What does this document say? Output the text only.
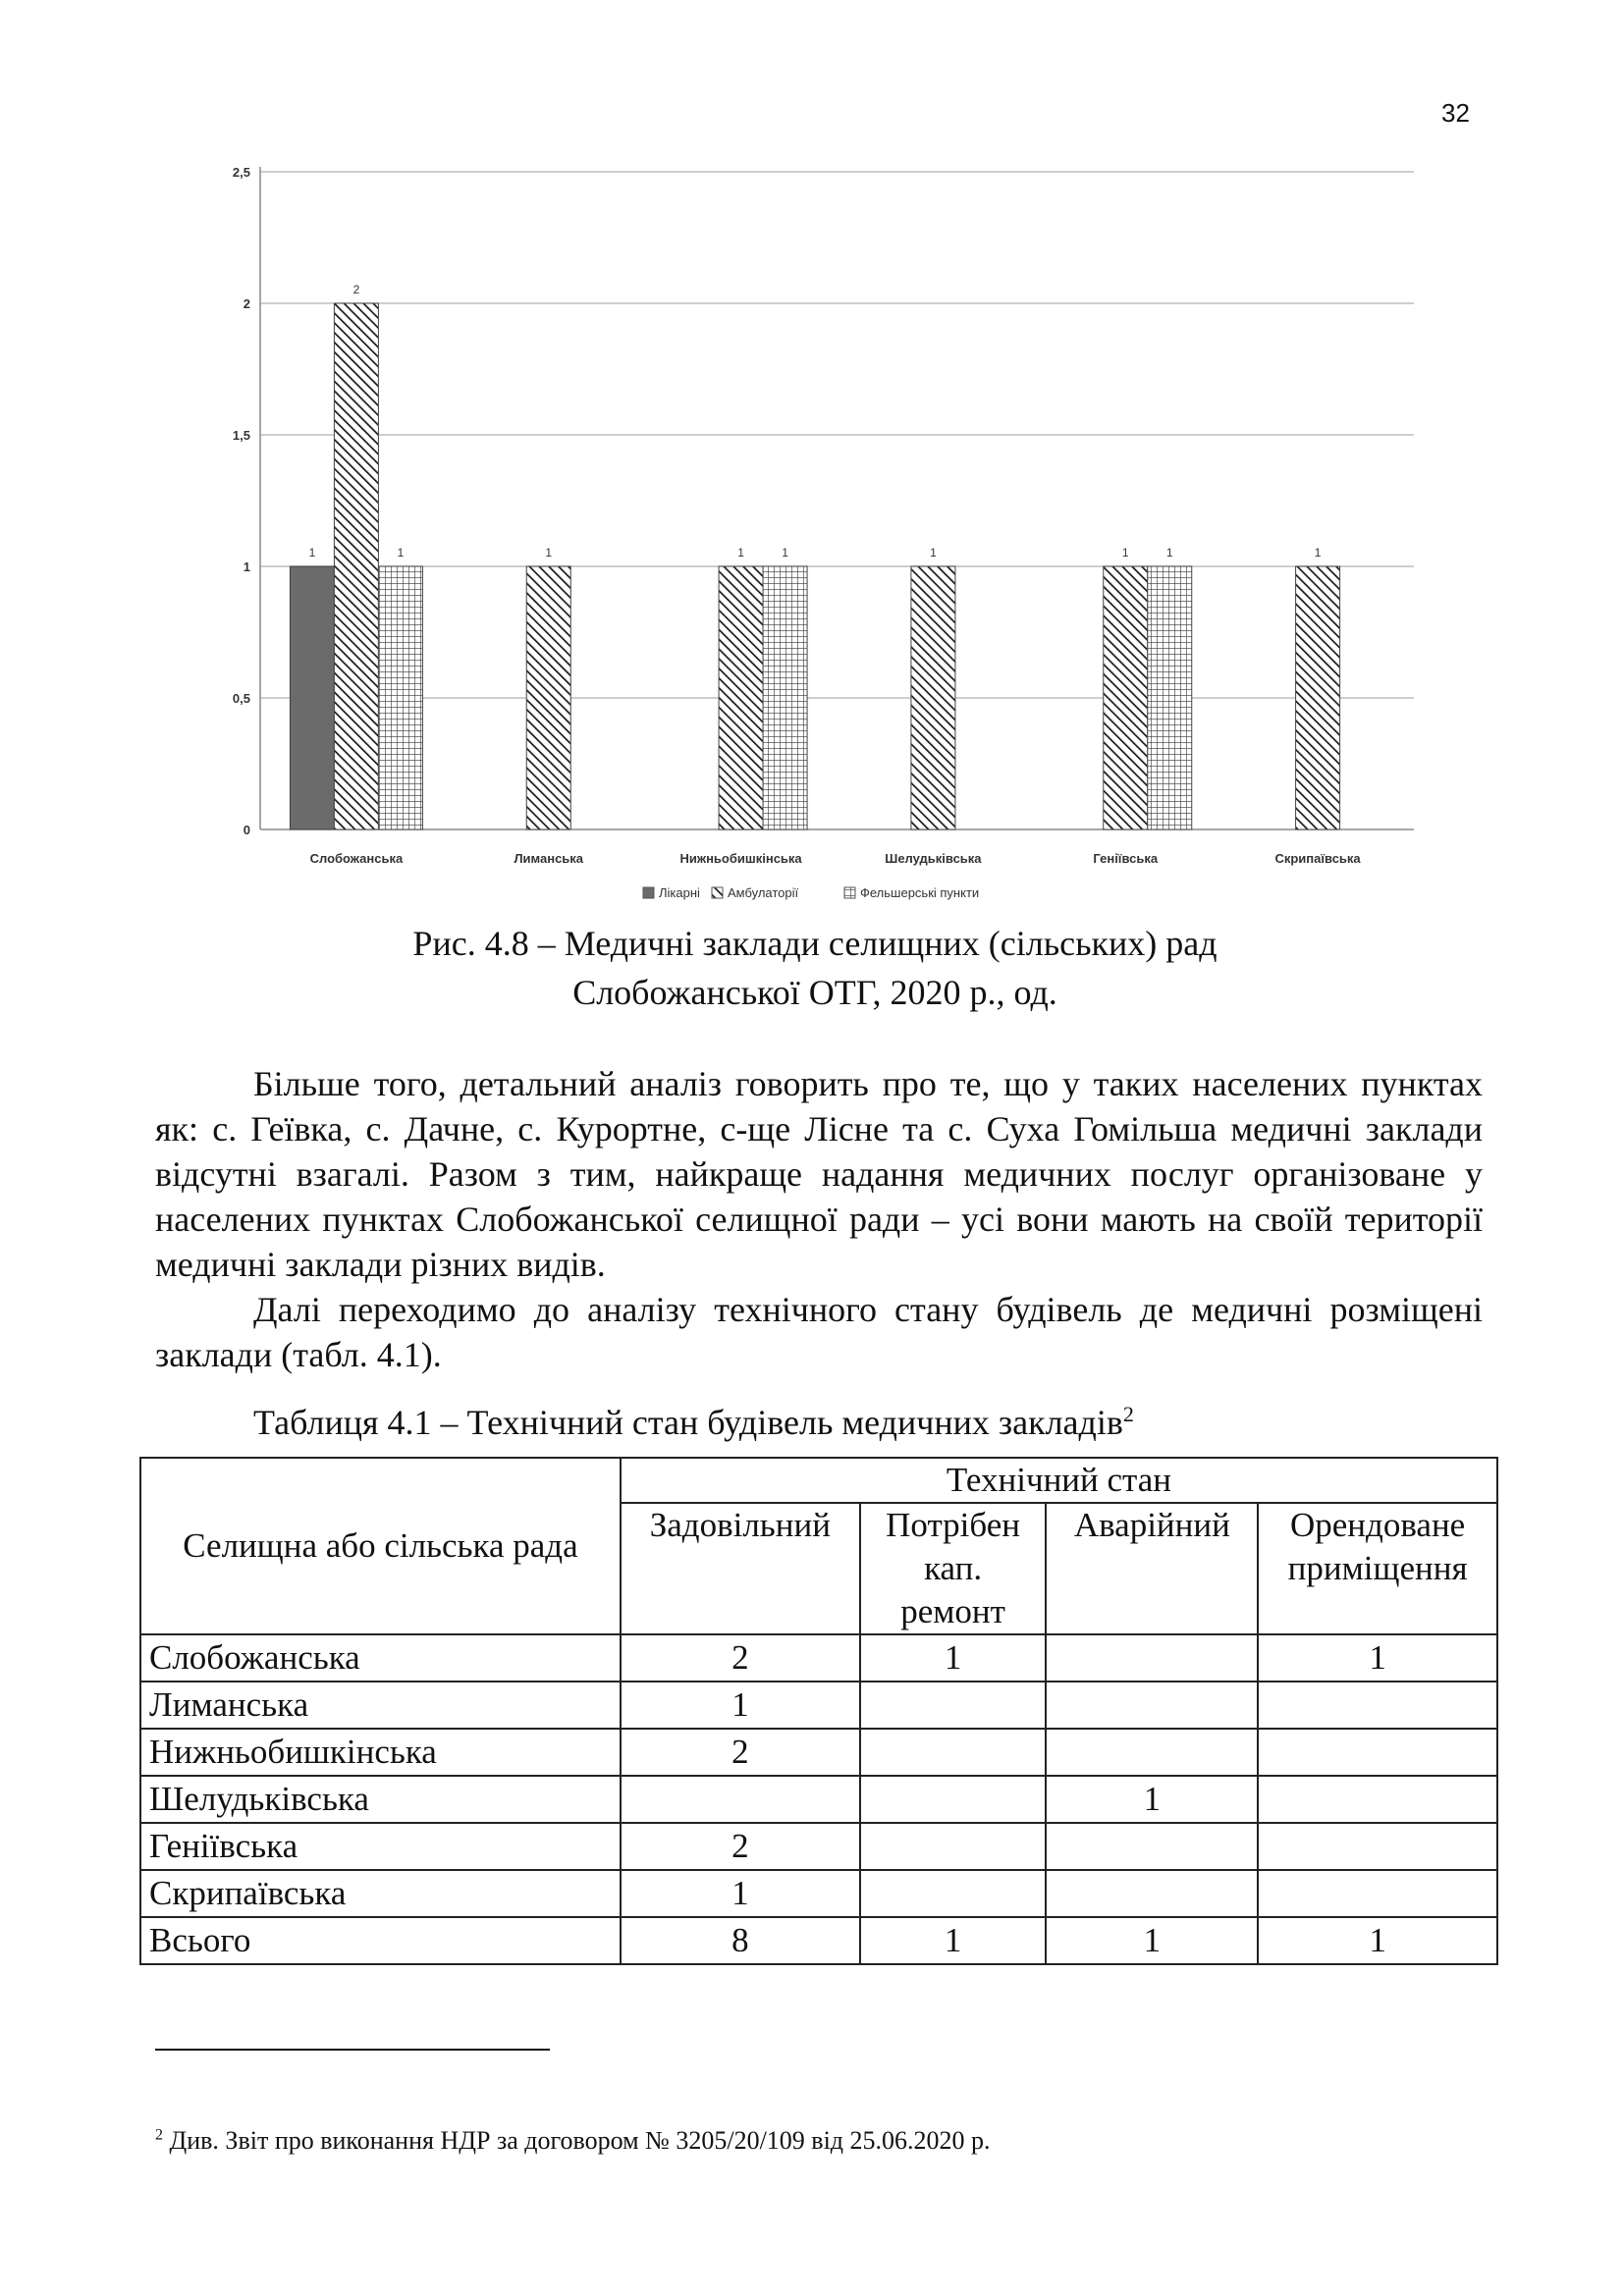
32
0
0,5
1
1,5
2
2,5
Слобожанська	Лиманська	Нижньобишкінська	Шелудьківська	Геніївська	Скрипаївська
1
2
1	1	1	1	1	1	1	1
Лікарні Амбулаторії	Фельшерські пункти
Рис. 4.8 – Медичні заклади селищних (сільських) рад
Слобожанської ОТГ, 2020 р., од.

Більше того, детальний аналіз говорить про те, що у таких населених пунктах як: с. Геївка, с. Дачне, с. Курортне, с-ще Лісне та с. Суха Гомільша медичні заклади відсутні взагалі. Разом з тим, найкраще надання медичних послуг організоване у населених пунктах Слобожанської селищної ради – усі вони мають на своїй території медичні заклади різних видів.

Далі переходимо до аналізу технічного стану будівель де медичні розміщені заклади (табл. 4.1).

Таблиця 4.1 – Технічний стан будівель медичних закладів$^2$
Селищна або сільська рада	Технічний стан			
	Задовільний	Потрібен кап. ремонт	Аварійний	Орендоване приміщення
Слобожанська	2	1		1
Лиманська	1			
Нижньобишкінська	2			
Шелудьківська			1	
Геніївська	2			
Скрипаївська	1			
Всього	8	1	1	1
$^2$ Див. Звіт про виконання НДР за договором № 3205/20/109 від 25.06.2020 р.
